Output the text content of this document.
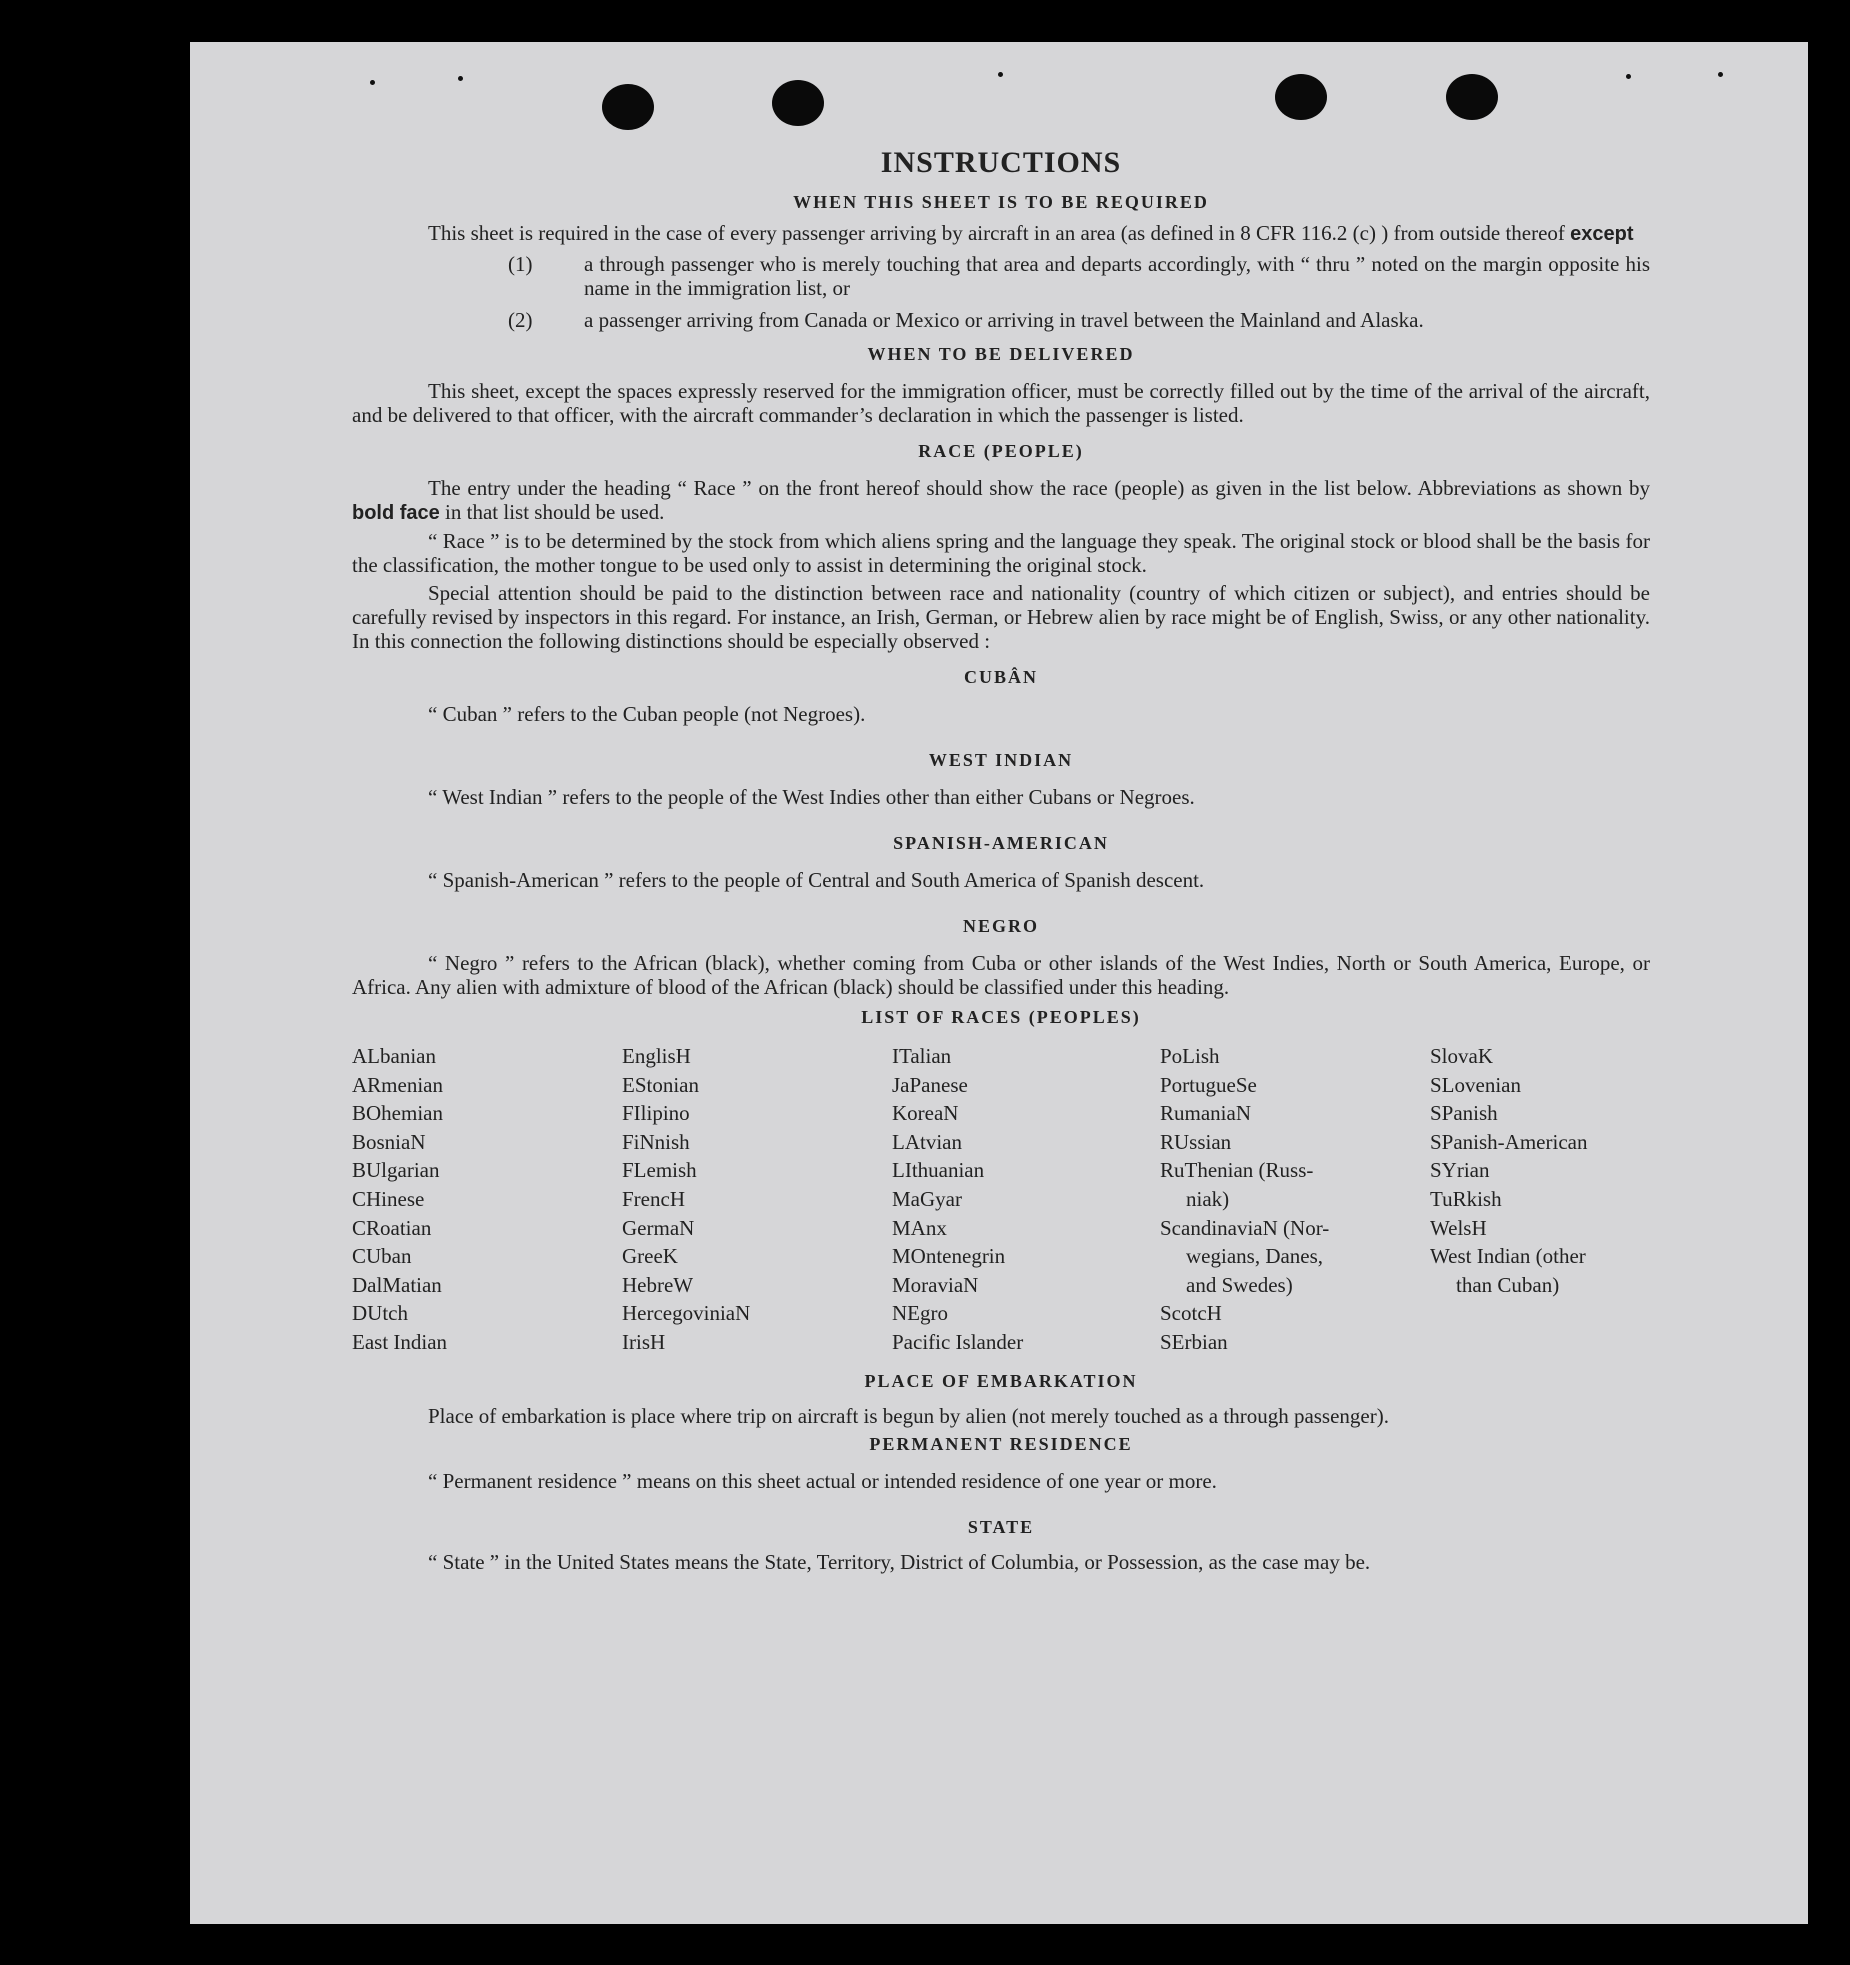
INSTRUCTIONS
WHEN THIS SHEET IS TO BE REQUIRED

This sheet is required in the case of every passenger arriving by aircraft in an area (as defined in 8 CFR 116.2 (c) ) from outside thereof except

(1) a through passenger who is merely touching that area and departs accordingly, with “ thru ” noted on the margin opposite his name in the immigration list, or
(2) a passenger arriving from Canada or Mexico or arriving in travel between the Mainland and Alaska.
WHEN TO BE DELIVERED

This sheet, except the spaces expressly reserved for the immigration officer, must be correctly filled out by the time of the arrival of the aircraft, and be delivered to that officer, with the aircraft commander’s declaration in which the passenger is listed.

RACE (PEOPLE)

The entry under the heading “ Race ” on the front hereof should show the race (people) as given in the list below. Abbreviations as shown by bold face in that list should be used.

“ Race ” is to be determined by the stock from which aliens spring and the language they speak. The original stock or blood shall be the basis for the classification, the mother tongue to be used only to assist in determining the original stock.

Special attention should be paid to the distinction between race and nationality (country of which citizen or subject), and entries should be carefully revised by inspectors in this regard. For instance, an Irish, German, or Hebrew alien by race might be of English, Swiss, or any other nationality. In this connection the following distinctions should be especially observed :

CUBÂN

“ Cuban ” refers to the Cuban people (not Negroes).

WEST INDIAN

“ West Indian ” refers to the people of the West Indies other than either Cubans or Negroes.

SPANISH-AMERICAN

“ Spanish-American ” refers to the people of Central and South America of Spanish descent.

NEGRO

“ Negro ” refers to the African (black), whether coming from Cuba or other islands of the West Indies, North or South America, Europe, or Africa. Any alien with admixture of blood of the African (black) should be classified under this heading.

LIST OF RACES (PEOPLES)
ALbanian
ARmenian
BOhemian
BosniaN
BUlgarian
CHinese
CRoatian
CUban
DalMatian
DUtch
East Indian
EnglisH
EStonian
FIlipino
FiNnish
FLemish
FrencH
GermaN
GreeK
HebreW
HercegoviniaN
IrisH
ITalian
JaPanese
KoreaN
LAtvian
LIthuanian
MaGyar
MAnx
MOntenegrin
MoraviaN
NEgro
Pacific Islander
PoLish
PortugueSe
RumaniaN
RUssian
RuThenian (Russ-
niak)
ScandinaviaN (Nor-
wegians, Danes,
and Swedes)
ScotcH
SErbian
SlovaK
SLovenian
SPanish
SPanish-American
SYrian
TuRkish
WelsH
West Indian (other
than Cuban)
PLACE OF EMBARKATION

Place of embarkation is place where trip on aircraft is begun by alien (not merely touched as a through passenger).

PERMANENT RESIDENCE

“ Permanent residence ” means on this sheet actual or intended residence of one year or more.

STATE

“ State ” in the United States means the State, Territory, District of Columbia, or Possession, as the case may be.
